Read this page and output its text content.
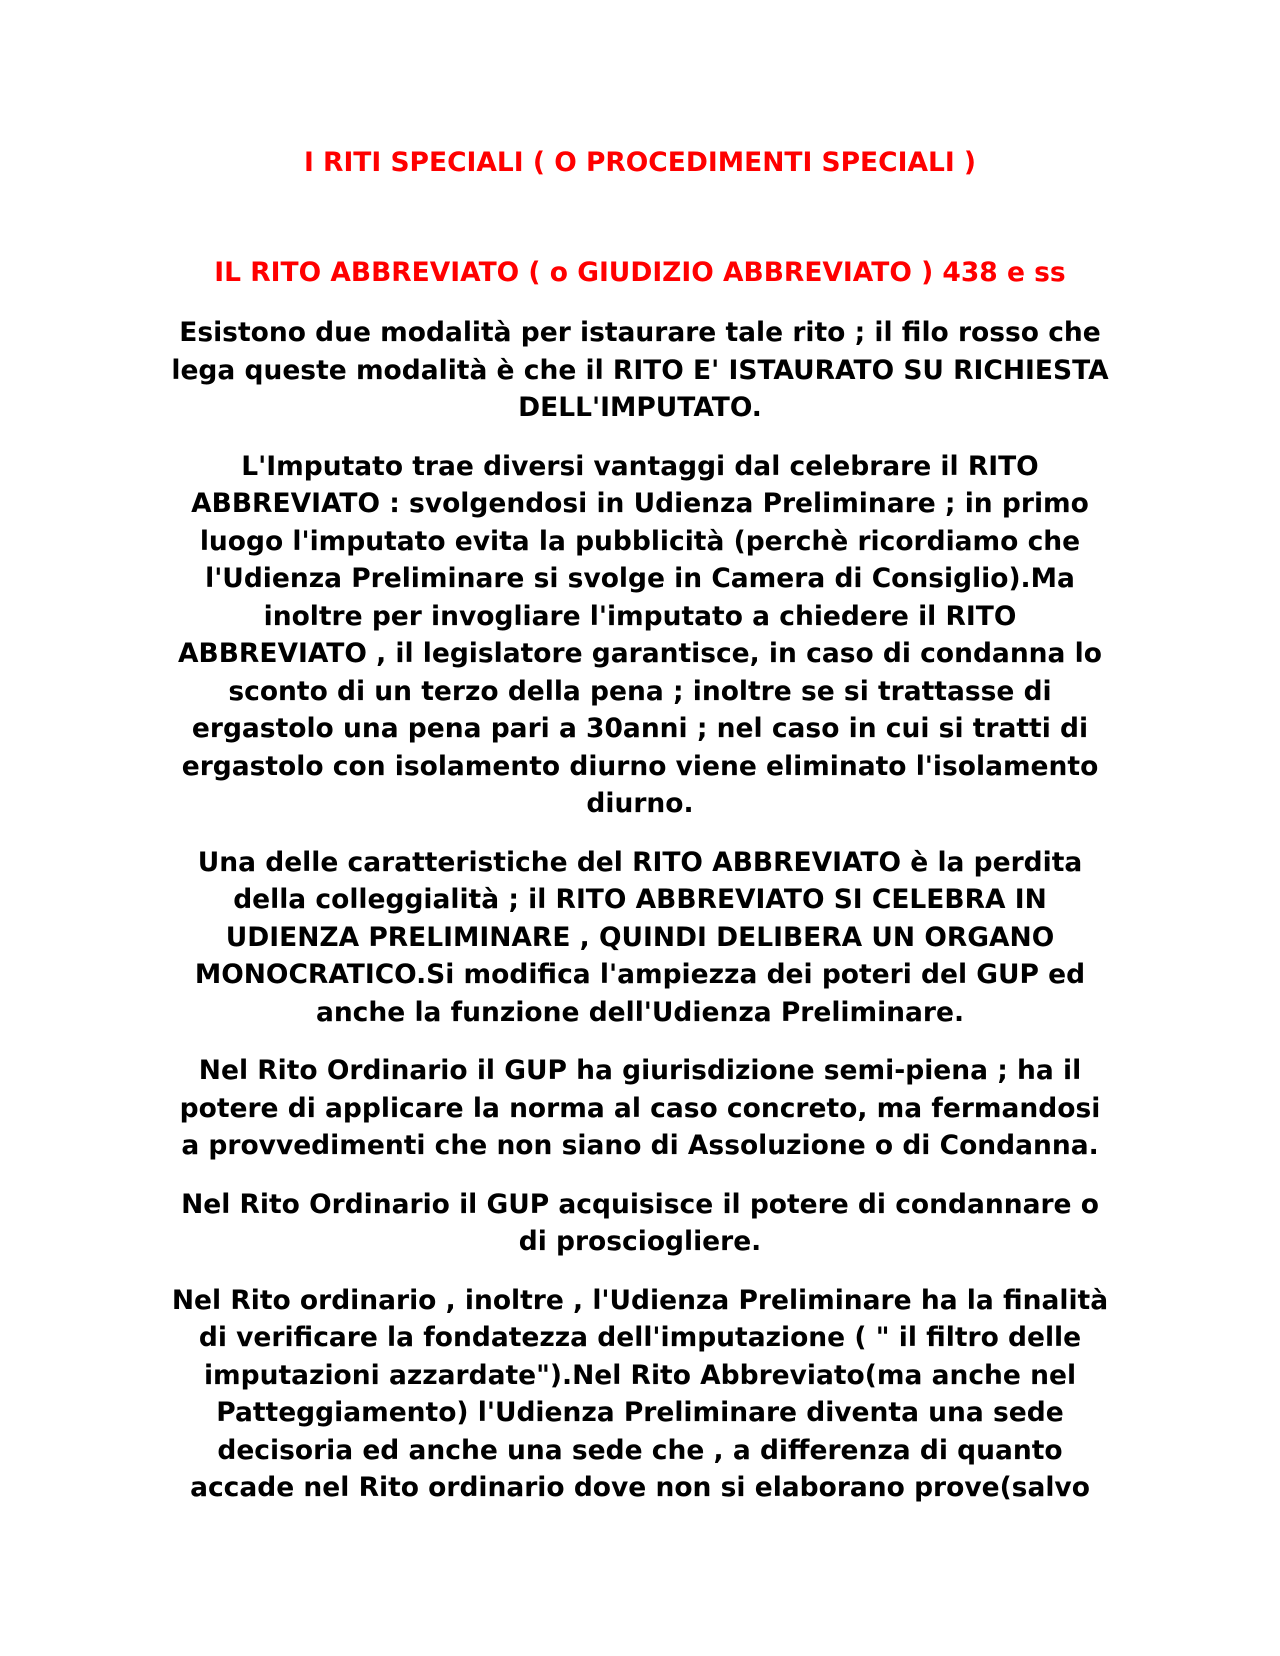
I RITI SPECIALI ( O PROCEDIMENTI SPECIALI )
IL RITO ABBREVIATO ( o GIUDIZIO ABBREVIATO ) 438 e ss

Esistono due modalità per istaurare tale rito ; il filo rosso che
lega queste modalità è che il RITO E' ISTAURATO SU RICHIESTA
DELL'IMPUTATO.

L'Imputato trae diversi vantaggi dal celebrare il RITO
ABBREVIATO : svolgendosi in Udienza Preliminare ; in primo
luogo l'imputato evita la pubblicità (perchè ricordiamo che
l'Udienza Preliminare si svolge in Camera di Consiglio).Ma
inoltre per invogliare l'imputato a chiedere il RITO
ABBREVIATO , il legislatore garantisce, in caso di condanna lo
sconto di un terzo della pena ; inoltre se si trattasse di
ergastolo una pena pari a 30anni ; nel caso in cui si tratti di
ergastolo con isolamento diurno viene eliminato l'isolamento
diurno.

Una delle caratteristiche del RITO ABBREVIATO è la perdita
della colleggialità ; il RITO ABBREVIATO SI CELEBRA IN
UDIENZA PRELIMINARE , QUINDI DELIBERA UN ORGANO
MONOCRATICO.Si modifica l'ampiezza dei poteri del GUP ed
anche la funzione dell'Udienza Preliminare.

Nel Rito Ordinario il GUP ha giurisdizione semi-piena ; ha il
potere di applicare la norma al caso concreto, ma fermandosi
a provvedimenti che non siano di Assoluzione o di Condanna.

Nel Rito Ordinario il GUP acquisisce il potere di condannare o
di prosciogliere.

Nel Rito ordinario , inoltre , l'Udienza Preliminare ha la finalità
di verificare la fondatezza dell'imputazione ( " il filtro delle
imputazioni azzardate").Nel Rito Abbreviato(ma anche nel
Patteggiamento) l'Udienza Preliminare diventa una sede
decisoria ed anche una sede che , a differenza di quanto
accade nel Rito ordinario dove non si elaborano prove(salvo
